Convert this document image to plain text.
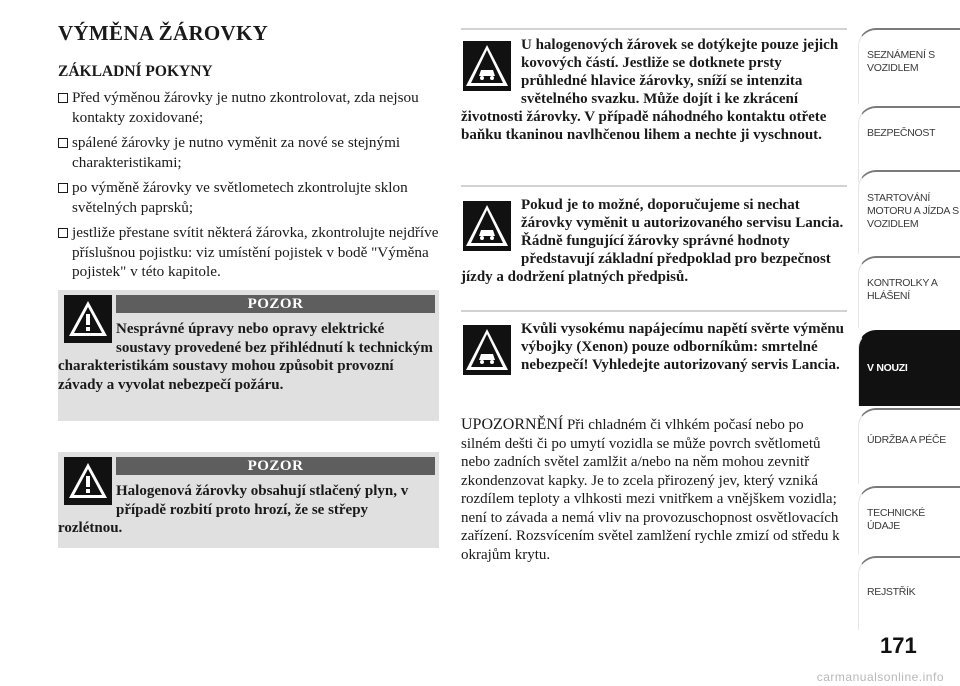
VÝMĚNA ŽÁROVKY
ZÁKLADNÍ POKYNY
Před výměnou žárovky je nutno zkontrolovat, zda nejsou kontakty zoxidované;
spálené žárovky je nutno vyměnit za nové se stejnými charakteristikami;
po výměně žárovky ve světlometech zkontrolujte sklon světelných paprsků;
jestliže přestane svítit některá žárovka, zkontrolujte nejdříve příslušnou pojistku: viz umístění pojistek v bodě "Výměna pojistek" v této kapitole.
POZOR
Nesprávné úpravy nebo opravy elektrické soustavy provedené bez přihlédnutí k technickým charakteristikám soustavy mohou způsobit provozní závady a vyvolat nebezpečí požáru.
POZOR
Halogenová žárovky obsahují stlačený plyn, v případě rozbití proto hrozí, že se střepy rozlétnou.
U halogenových žárovek se dotýkejte pouze jejich kovových částí. Jestliže se dotknete prsty průhledné hlavice žárovky, sníží se intenzita světelného svazku. Může dojít i ke zkrácení životnosti žárovky. V případě náhodného kontaktu otřete baňku tkaninou navlhčenou lihem a nechte ji vyschnout.
Pokud je to možné, doporučujeme si nechat žárovky vyměnit u autorizovaného servisu Lancia. Řádně fungující žárovky správné hodnoty představují základní předpoklad pro bezpečnost jízdy a dodržení platných předpisů.
Kvůli vysokému napájecímu napětí svěrte výměnu výbojky (Xenon) pouze odborníkům: smrtelné nebezpečí! Vyhledejte autorizovaný servis Lancia.
UPOZORNĚNÍ Při chladném či vlhkém počasí nebo po silném dešti či po umytí vozidla se může povrch světlometů nebo zadních světel zamlžit a/nebo na něm mohou zevnitř zkondenzovat kapky. Je to zcela přirozený jev, který vzniká rozdílem teploty a vlhkosti mezi vnitřkem a vnějškem vozidla; není to závada a nemá vliv na provozuschopnost osvětlovacích zařízení. Rozsvícením světel zamlžení rychle zmizí od středu k okrajům krytu.
SEZNÁMENÍ S VOZIDLEM
BEZPEČNOST
STARTOVÁNÍ MOTORU A JÍZDA S VOZIDLEM
KONTROLKY A HLÁŠENÍ
V NOUZI
ÚDRŽBA A PÉČE
TECHNICKÉ ÚDAJE
REJSTŘÍK
171
carmanualsonline.info
